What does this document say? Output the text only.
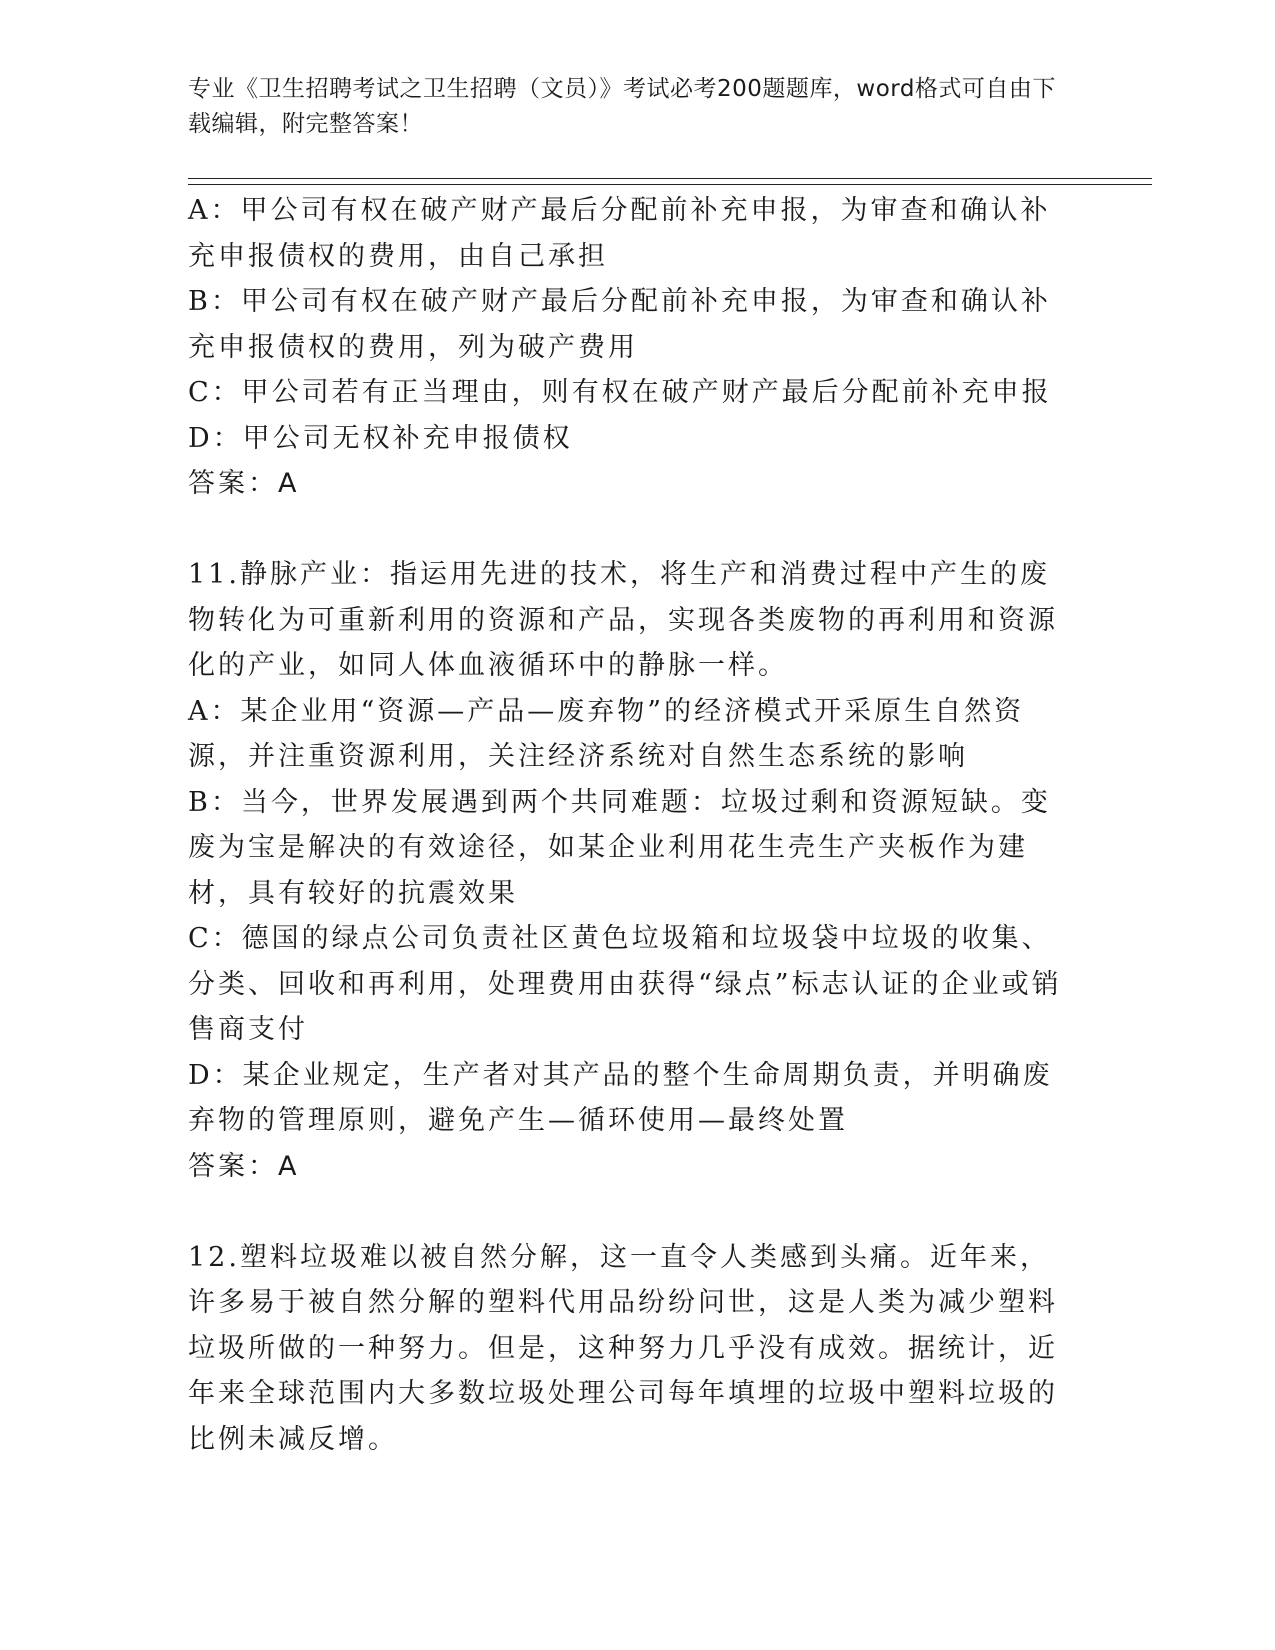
专业《卫生招聘考试之卫生招聘（文员）》考试必考200题题库，word格式可自由下载编辑，附完整答案！

A：甲公司有权在破产财产最后分配前补充申报，为审查和确认补充申报债权的费用，由自己承担

B：甲公司有权在破产财产最后分配前补充申报，为审查和确认补充申报债权的费用，列为破产费用

C：甲公司若有正当理由，则有权在破产财产最后分配前补充申报

D：甲公司无权补充申报债权

答案：A

11.静脉产业：指运用先进的技术，将生产和消费过程中产生的废物转化为可重新利用的资源和产品，实现各类废物的再利用和资源化的产业，如同人体血液循环中的静脉一样。

A：某企业用“资源—产品—废弃物”的经济模式开采原生自然资源，并注重资源利用，关注经济系统对自然生态系统的影响

B：当今，世界发展遇到两个共同难题：垃圾过剩和资源短缺。变废为宝是解决的有效途径，如某企业利用花生壳生产夹板作为建材，具有较好的抗震效果

C：德国的绿点公司负责社区黄色垃圾箱和垃圾袋中垃圾的收集、分类、回收和再利用，处理费用由获得“绿点”标志认证的企业或销售商支付

D：某企业规定，生产者对其产品的整个生命周期负责，并明确废弃物的管理原则，避免产生—循环使用—最终处置

答案：A

12.塑料垃圾难以被自然分解，这一直令人类感到头痛。近年来，许多易于被自然分解的塑料代用品纷纷问世，这是人类为减少塑料垃圾所做的一种努力。但是，这种努力几乎没有成效。据统计，近年来全球范围内大多数垃圾处理公司每年填埋的垃圾中塑料垃圾的比例未减反增。
